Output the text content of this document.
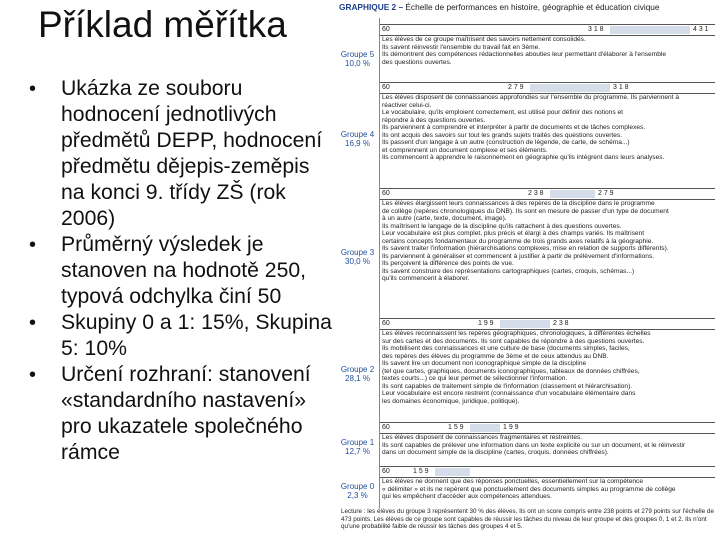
Příklad měřítka
• Ukázka ze souboru hodnocení jednotlivých předmětů DEPP, hodnocení předmětu dějepis-zeměpis na konci 9. třídy ZŠ (rok 2006)
• Průměrný výsledek je stanoven na hodnotě 250, typová odchylka činí 50
• Skupiny 0 a 1: 15%, Skupina 5: 10%
• Určení rozhraní: stanovení «standardního nastavení» pro ukazatele společného rámce
GRAPHIQUE 2 – Échelle de performances en histoire, géographie et éducation civique
Lecture : les élèves du groupe 3 représentent 30 % des élèves. Ils ont un score compris entre 238 points et 279 points sur l'échelle de 473 points. Les élèves de ce groupe sont capables de réussir les tâches du niveau de leur groupe et des groupes 0, 1 et 2. Ils n'ont qu'une probabilité faible de réussir les tâches des groupes 4 et 5.
60	3 1 8	4 3 1
Groupe 5
10,0 %

Les élèves de ce groupe maîtrisent des savoirs nettement consolidés.

Ils savent réinvestir l'ensemble du travail fait en 3ème.

Ils démontrent des compétences rédactionnelles abouties leur permettant d'élaborer à l'ensemble

des questions ouvertes.

60	2 7 9	3 1 8
Groupe 4
16,9 %

Les élèves disposent de connaissances approfondies sur l'ensemble du programme. Ils parviennent à

réactiver celui-ci.

Le vocabulaire, qu'ils emploient correctement, est utilisé pour définir des notions et

répondre à des questions ouvertes.

Ils parviennent à comprendre et interpréter à partir de documents et de tâches complexes.

Ils ont acquis des savoirs sur tout les grands sujets traités des questions ouvertes.

Ils passent d'un langage à un autre (construction de légende, de carte, de schéma...)

et comprennent un document complexe et ses éléments.

Ils commencent à apprendre le raisonnement en géographie qu'ils intègrent dans leurs analyses.

60	2 3 8	2 7 9
Groupe 3
30,0 %

Les élèves élargissent leurs connaissances à des repères de la discipline dans le programme

de collège (repères chronologiques du DNB). Ils sont en mesure de passer d'un type de document

à un autre (carte, texte, document, image).

Ils maîtrisent le langage de la discipline qu'ils rattachent à des questions ouvertes.

Leur vocabulaire est plus complet, plus précis et élargi à des champs variés. Ils maîtrisent

certains concepts fondamentaux du programme de trois grands axes relatifs à la géographie.

Ils savent traiter l'information (hiérarchisations complexes, mise en relation de supports différents).

Ils parviennent à généraliser et commencent à justifier à partir de prélèvement d'informations.

Ils perçoivent la différence des points de vue.

Ils savent construire des représentations cartographiques (cartes, croquis, schémas...)

qu'ils commencent à élaborer.

60	1 9 9	2 3 8
Groupe 2
28,1 %

Les élèves reconnaissent les repères géographiques, chronologiques, à différentes échelles

sur des cartes et des documents. Ils sont capables de répondre à des questions ouvertes.

Ils mobilisent des connaissances et une culture de base (documents simples, faciles,

des repères des élèves du programme de 3ème et de ceux attendus au DNB.

Ils savent lire un document non iconographique simple de la discipline

(tel que cartes, graphiques, documents iconographiques, tableaux de données chiffrées,

textes courts...) ce qui leur permet de sélectionner l'information.

Ils sont capables de traitement simple de l'information (classement et hiérarchisation).

Leur vocabulaire est encore restreint (connaissance d'un vocabulaire élémentaire dans

les domaines économique, juridique, politique).

60	1 5 9	1 9 9
Groupe 1
12,7 %

Les élèves disposent de connaissances fragmentaires et restreintes.

Ils sont capables de prélever une information dans un texte explicite ou sur un document, et le réinvestir

dans un document simple de la discipline (cartes, croquis, données chiffrées).

60	1 5 9
Groupe 0
2,3 %

Les élèves ne donnent que des réponses ponctuelles, essentiellement sur la compétence

« délimiter » et ils ne repèrent que ponctuellement des documents simples au programme de collège

qui les empêchent d'accéder aux compétences attendues.
